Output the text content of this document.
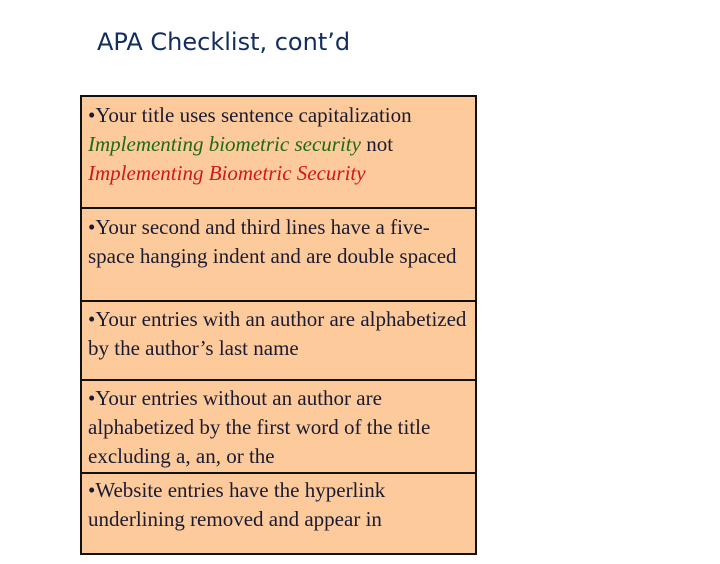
APA Checklist, cont’d
•Your title uses sentence capitalization
Implementing biometric security not
Implementing Biometric Security
•Your second and third lines have a five-space hanging indent and are double spaced
•Your entries with an author are alphabetized by the author’s last name
•Your entries without an author are alphabetized by the first word of the title excluding a, an, or the
•Website entries have the hyperlink underlining removed and appear in
